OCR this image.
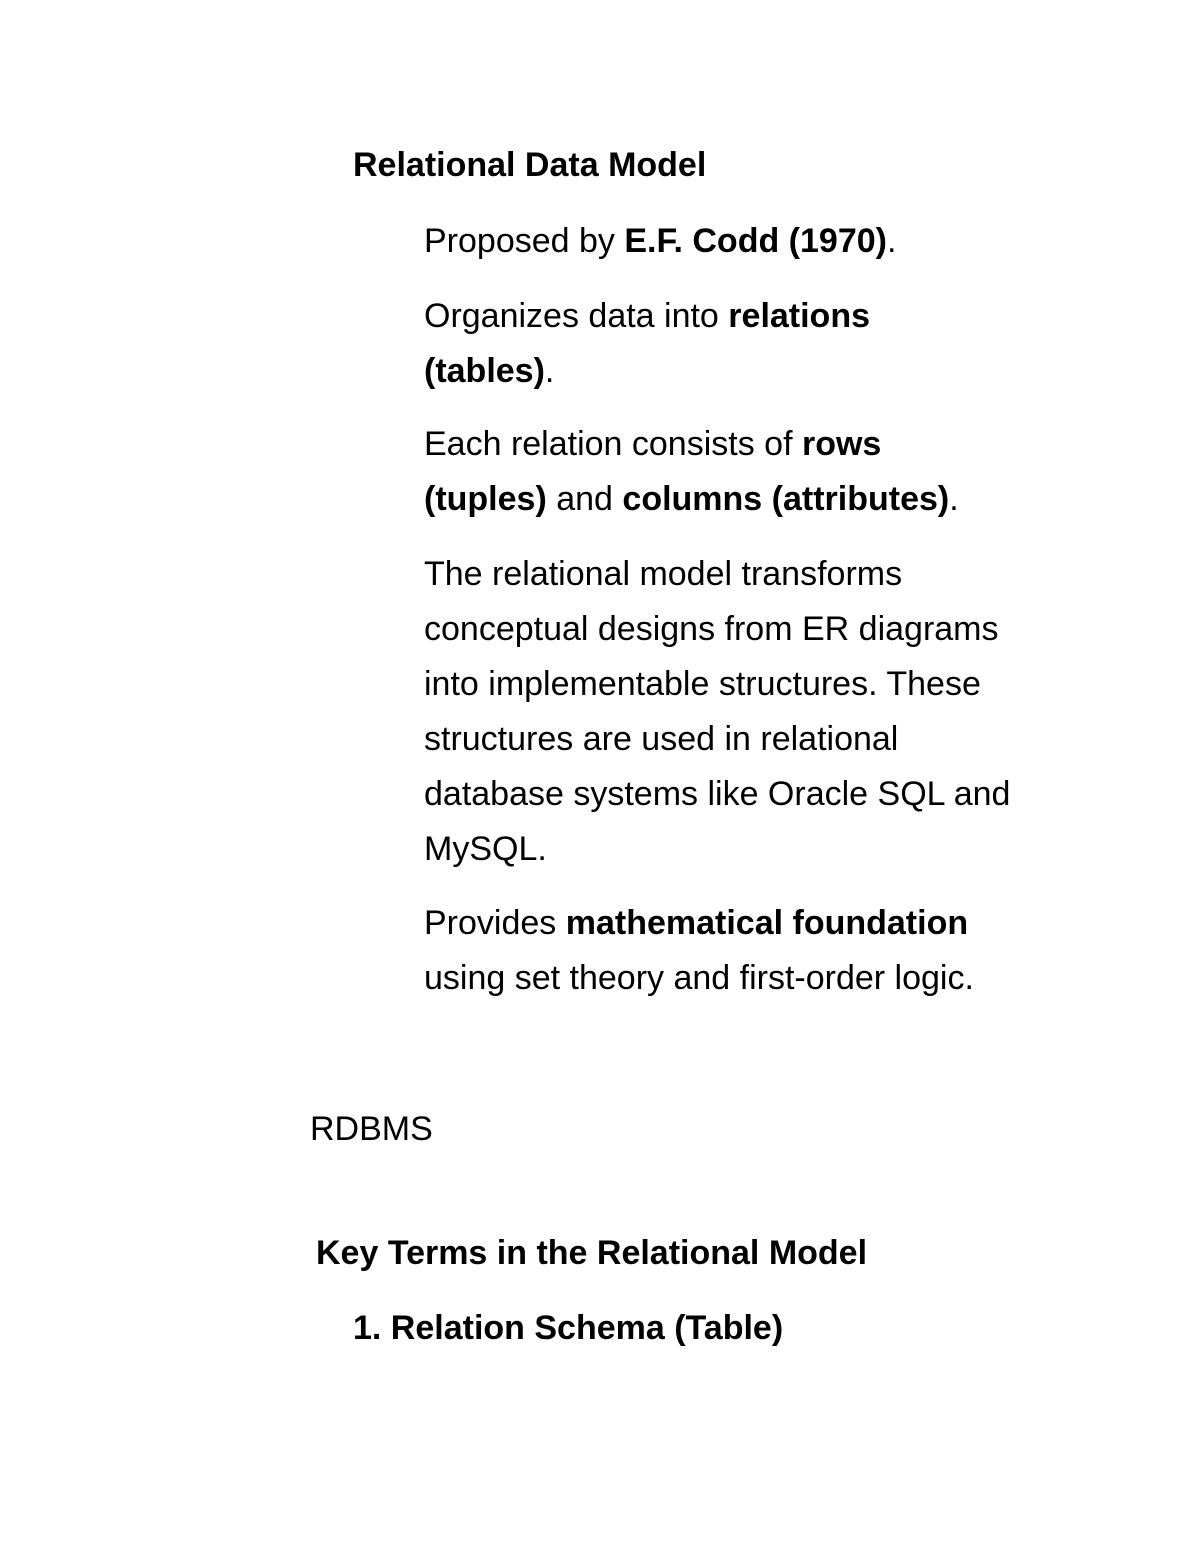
Relational Data Model

Proposed by E.F. Codd (1970).

Organizes data into relations
(tables).

Each relation consists of rows
(tuples) and columns (attributes).

The relational model transforms
conceptual designs from ER diagrams
into implementable structures. These
structures are used in relational
database systems like Oracle SQL and
MySQL.

Provides mathematical foundation
using set theory and first-order logic.

RDBMS

Key Terms in the Relational Model

1. Relation Schema (Table)
